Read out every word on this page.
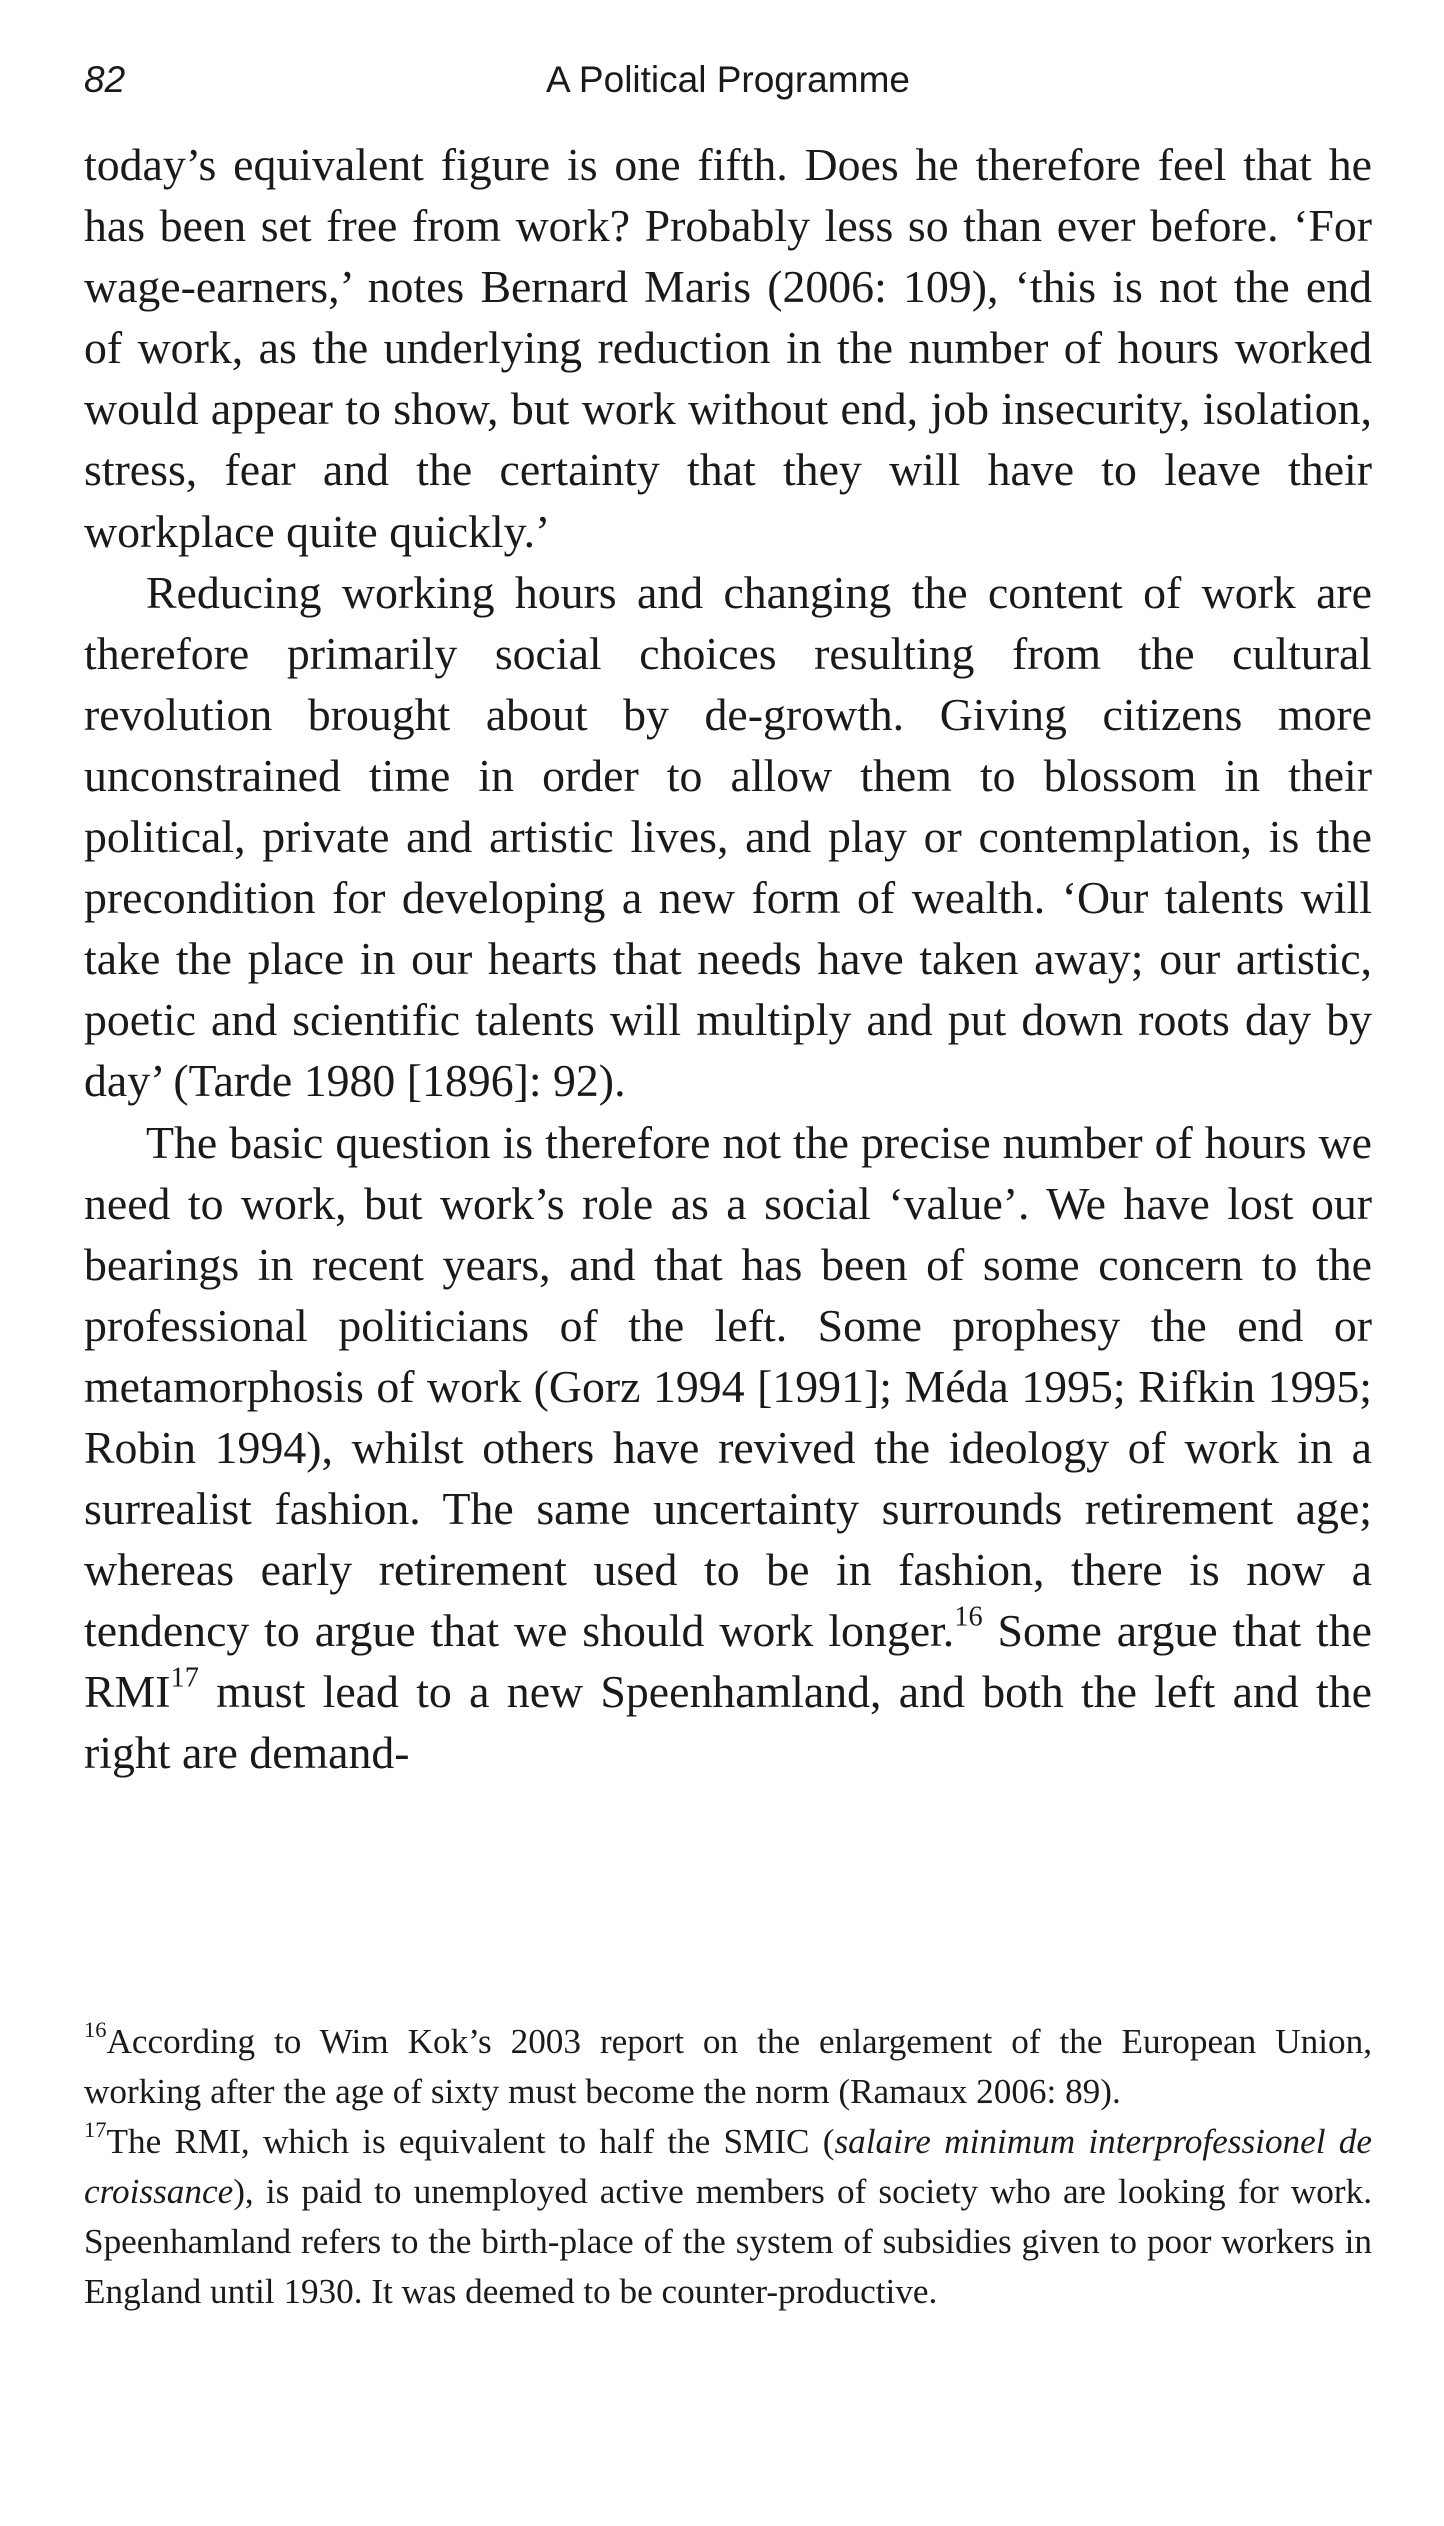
82	A Political Programme

today’s equivalent figure is one fifth. Does he therefore feel that he has been set free from work? Probably less so than ever before. ‘For wage-earners,’ notes Bernard Maris (2006: 109), ‘this is not the end of work, as the underlying reduction in the number of hours worked would appear to show, but work without end, job insecurity, isolation, stress, fear and the certainty that they will have to leave their workplace quite quickly.’

Reducing working hours and changing the content of work are therefore primarily social choices resulting from the cultural revolution brought about by de-growth. Giving citizens more unconstrained time in order to allow them to blossom in their political, private and artistic lives, and play or contemplation, is the precondition for developing a new form of wealth. ‘Our talents will take the place in our hearts that needs have taken away; our artistic, poetic and scientific talents will multiply and put down roots day by day’ (Tarde 1980 [1896]: 92).

The basic question is therefore not the precise number of hours we need to work, but work’s role as a social ‘value’. We have lost our bearings in recent years, and that has been of some concern to the professional politicians of the left. Some prophesy the end or metamorphosis of work (Gorz 1994 [1991]; Méda 1995; Rifkin 1995; Robin 1994), whilst others have revived the ideology of work in a surrealist fashion. The same uncertainty surrounds retirement age; whereas early retirement used to be in fashion, there is now a tendency to argue that we should work longer.$^{16}$ Some argue that the RMI$^{17}$ must lead to a new Speenhamland, and both the left and the right are demand-

$^{16}$According to Wim Kok’s 2003 report on the enlargement of the European Union, working after the age of sixty must become the norm (Ramaux 2006: 89).

$^{17}$The RMI, which is equivalent to half the SMIC (salaire minimum interprofessionel de croissance), is paid to unemployed active members of society who are looking for work. Speenhamland refers to the birth-place of the system of subsidies given to poor workers in England until 1930. It was deemed to be counter-productive.
